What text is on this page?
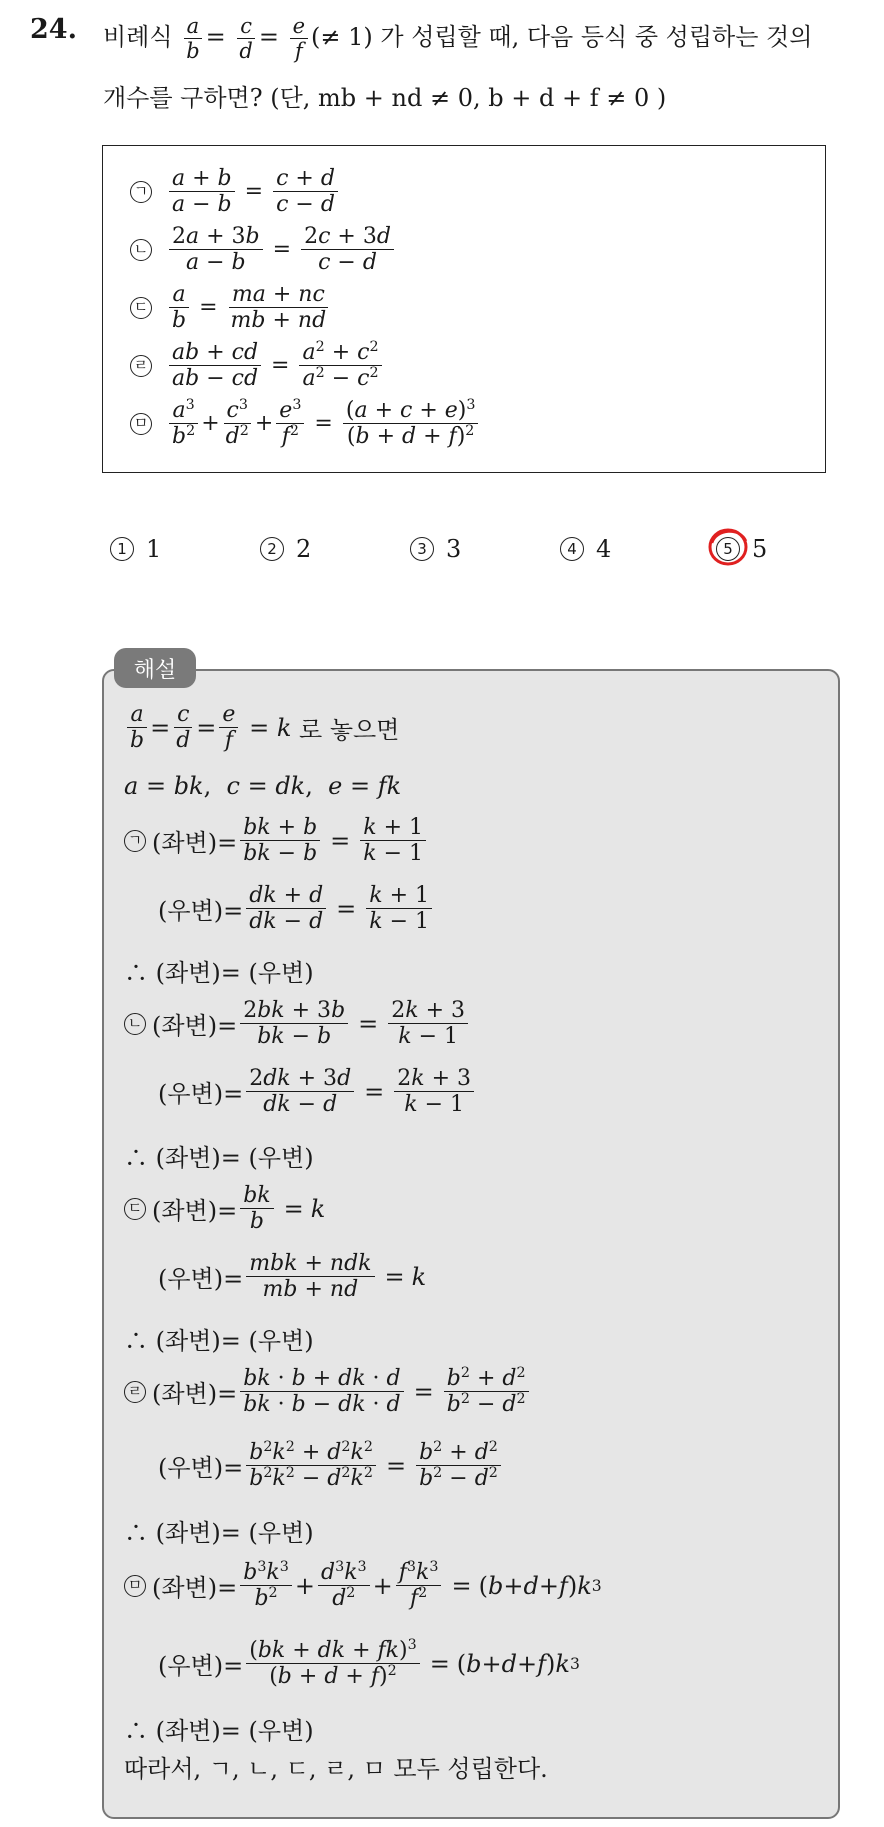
24. 비례식 $\frac{a}{b} = \frac{c}{d} = \frac{e}{f}$ (≠ 1) 가 성립할 때, 다음 등식 중 성립하는 것의
개수를 구하면? (단, mb + nd ≠ 0, b + d + f ≠ 0 )
ㄱ $\frac{a + b}{a - b} = \frac{c + d}{c - d}$
ㄴ $\frac{2a + 3b}{a - b} = \frac{2c + 3d}{c - d}$
ㄷ $\frac{a}{b} = \frac{ma + nc}{mb + nd}$
ㄹ $\frac{ab + cd}{ab - cd} = \frac{a^2 + c^2}{a^2 - c^2}$
ㅁ $\frac{a^3}{b^2} + \frac{c^3}{d^2} + \frac{e^3}{f^2} = \frac{(a + c + e)^3}{(b + d + f)^2}$
1 1	2 2	3 3	4 4	5 5
해설
$\frac{a}{b} = \frac{c}{d} = \frac{e}{f} = k$
로 놓으면
a = bk , c = dk , e = fk
ㄱ (좌변)= $\frac{bk + b}{bk - b} = \frac{k + 1}{k - 1}$
(우변)= $\frac{dk + d}{dk - d} = \frac{k + 1}{k - 1}$
∴ (좌변)= (우변)
ㄴ (좌변)= $\frac{2bk + 3b}{bk - b} = \frac{2k + 3}{k - 1}$
(우변)= $\frac{2dk + 3d}{dk - d} = \frac{2k + 3}{k - 1}$
∴ (좌변)= (우변)
ㄷ (좌변)= $\frac{bk}{b} = k$
(우변)= $\frac{\text{mbk + ndk}}{mb + nd} = k$
∴ (좌변)= (우변)
ㄹ (좌변)= $\frac{bk \cdot b + dk \cdot d}{bk \cdot b - dk \cdot d} = \frac{b^2 + d^2}{b^2 - d^2}$
(우변)= $\frac{b^2k^2 + d^2k^2}{b^2k^2 - d^2k^2} = \frac{b^2 + d^2}{b^2 - d^2}$
∴ (좌변)= (우변)
ㅁ (좌변)= $\frac{b^3k^3}{b^2} + \frac{d^3k^3}{d^2} + \frac{f^3k^3}{f^2}$ = ( b + d + f ) k 3
(우변)= $\frac{(bk + dk + fk)^3}{(b + d + f)^2}$ = ( b + d + f ) k 3
∴ (좌변)= (우변)
따라서, ㄱ, ㄴ, ㄷ, ㄹ, ㅁ 모두 성립한다.
